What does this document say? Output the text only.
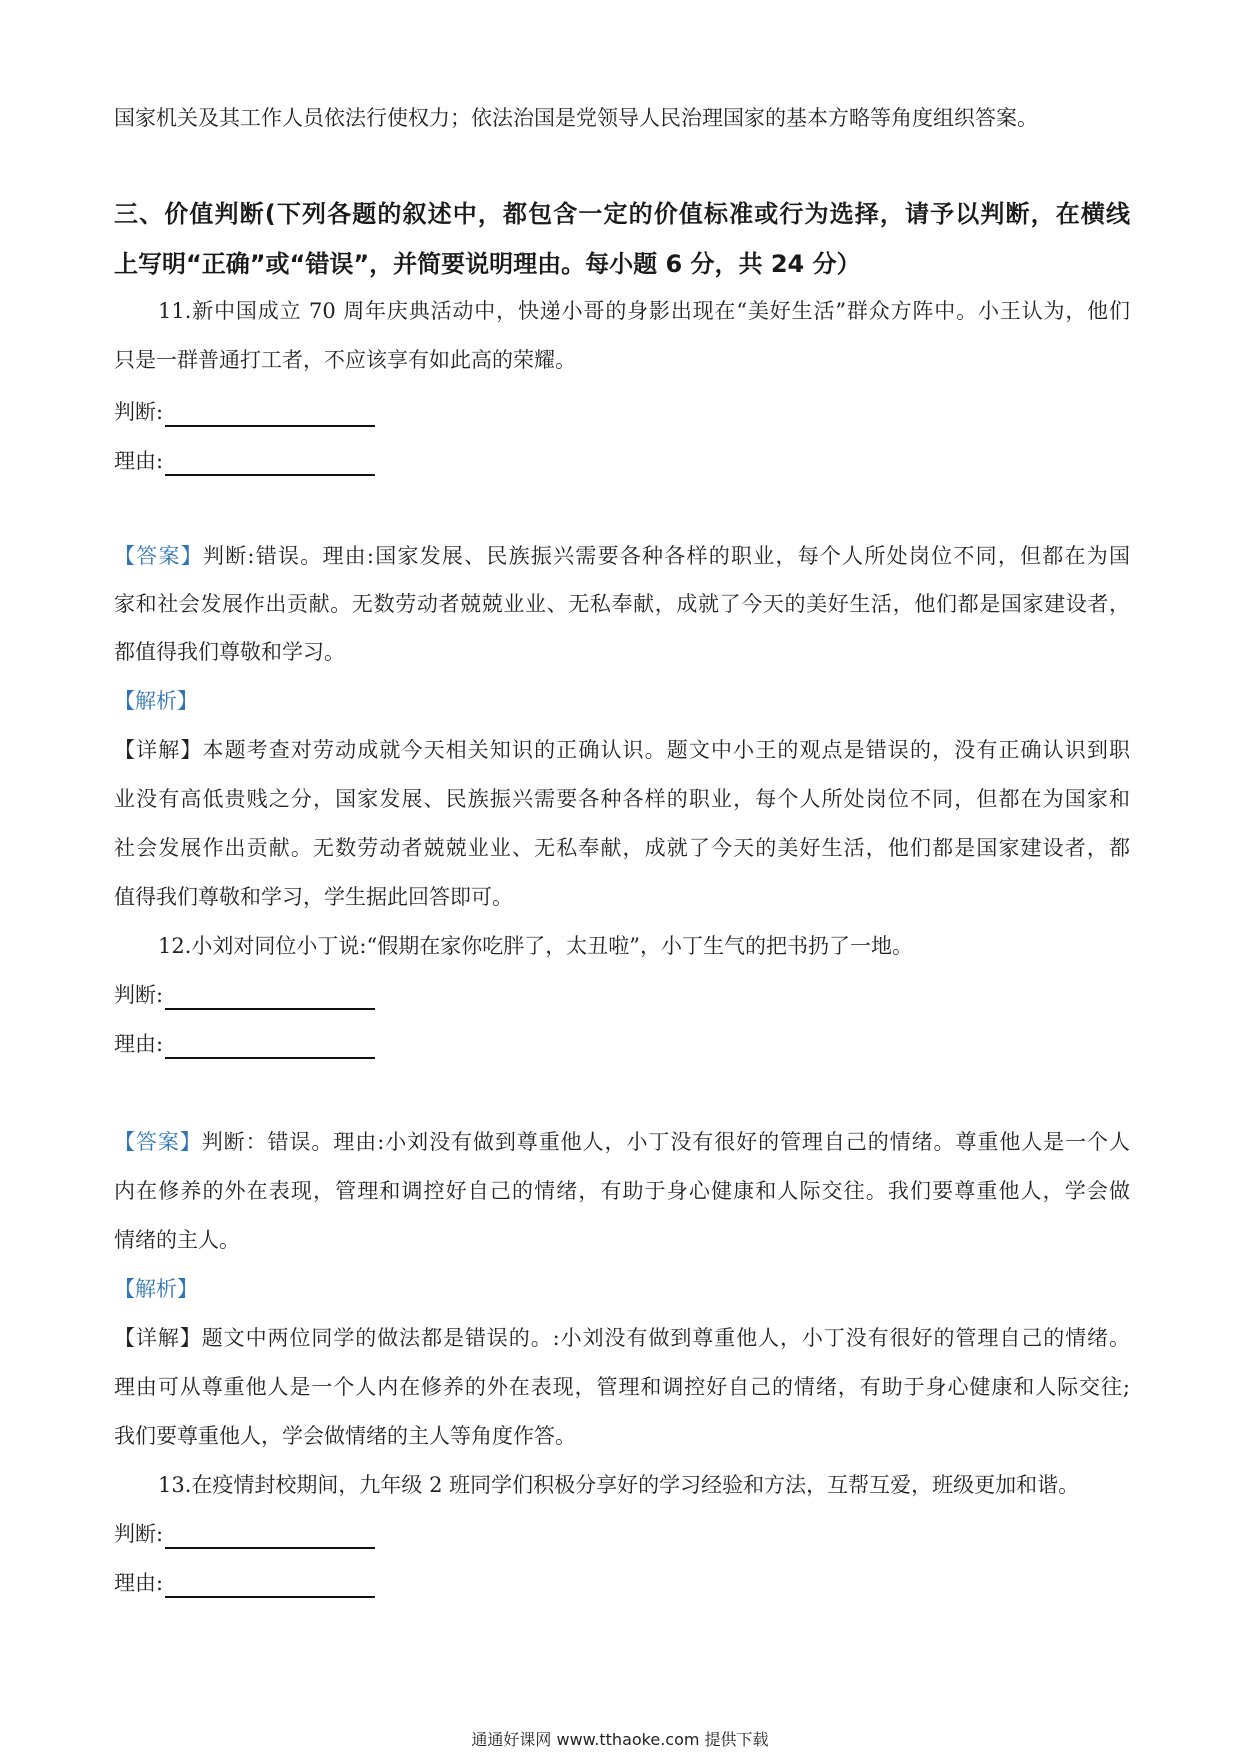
国家机关及其工作人员依法行使权力；依法治国是党领导人民治理国家的基本方略等角度组织答案。
三、价值判断(下列各题的叙述中，都包含一定的价值标准或行为选择，请予以判断，在横线
上写明“正确”或“错误”，并简要说明理由。每小题 6 分，共 24 分）
11.新中国成立 70 周年庆典活动中，快递小哥的身影出现在“美好生活”群众方阵中。小王认为，他们
只是一群普通打工者，不应该享有如此高的荣耀。
判断:
理由:
【答案】判断:错误。理由:国家发展、民族振兴需要各种各样的职业，每个人所处岗位不同，但都在为国
家和社会发展作出贡献。无数劳动者兢兢业业、无私奉献，成就了今天的美好生活，他们都是国家建设者，
都值得我们尊敬和学习。
【解析】
【详解】本题考查对劳动成就今天相关知识的正确认识。题文中小王的观点是错误的，没有正确认识到职
业没有高低贵贱之分，国家发展、民族振兴需要各种各样的职业，每个人所处岗位不同，但都在为国家和
社会发展作出贡献。无数劳动者兢兢业业、无私奉献，成就了今天的美好生活，他们都是国家建设者，都
值得我们尊敬和学习，学生据此回答即可。
12.小刘对同位小丁说:“假期在家你吃胖了，太丑啦”，小丁生气的把书扔了一地。
判断:
理由:
【答案】判断：错误。理由:小刘没有做到尊重他人，小丁没有很好的管理自己的情绪。尊重他人是一个人
内在修养的外在表现，管理和调控好自己的情绪，有助于身心健康和人际交往。我们要尊重他人，学会做
情绪的主人。
【解析】
【详解】题文中两位同学的做法都是错误的。:小刘没有做到尊重他人，小丁没有很好的管理自己的情绪。
理由可从尊重他人是一个人内在修养的外在表现，管理和调控好自己的情绪，有助于身心健康和人际交往;
我们要尊重他人，学会做情绪的主人等角度作答。
13.在疫情封校期间，九年级 2 班同学们积极分享好的学习经验和方法，互帮互爱，班级更加和谐。
判断:
理由:
通通好课网 www.tthaoke.com 提供下载
